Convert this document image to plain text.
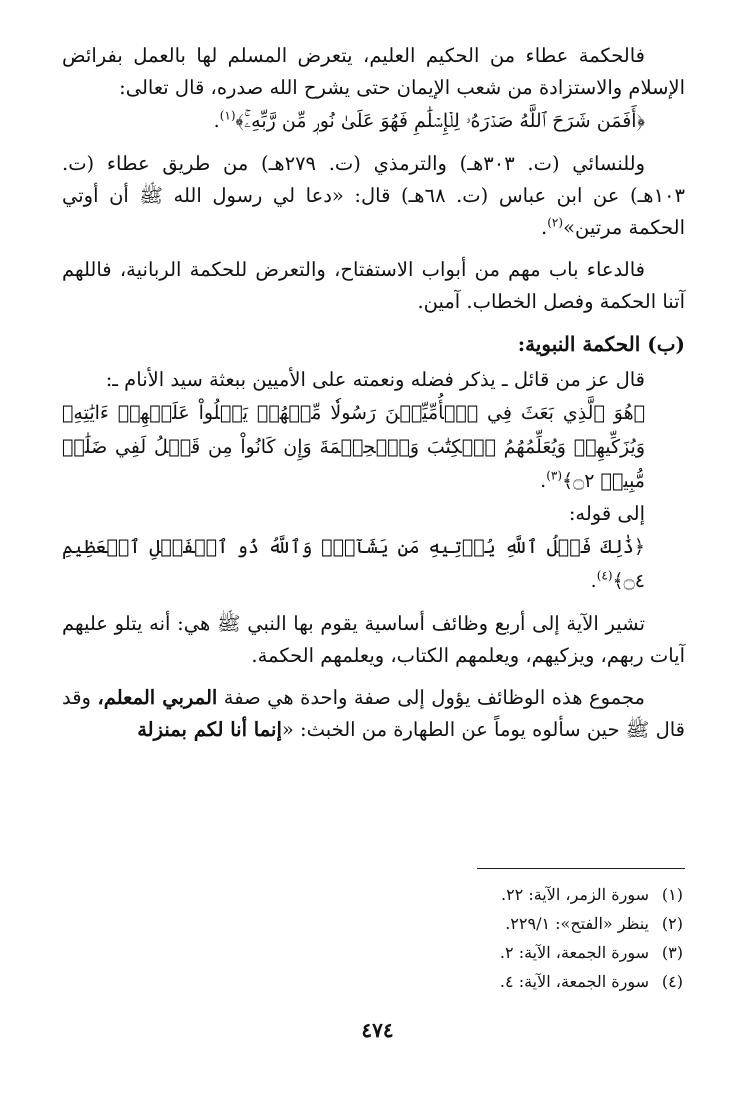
فالحكمة عطاء من الحكيم العليم، يتعرض المسلم لها بالعمل بفرائض الإسلام والاستزادة من شعب الإيمان حتى يشرح الله صدره، قال تعالى:

﴿أَفَمَن شَرَحَ ٱللَّهُ صَدۡرَهُۥ لِلۡإِسۡلَٰمِ فَهُوَ عَلَىٰ نُورٖ مِّن رَّبِّهِۦۚ﴾$^{(١)}$.

وللنسائي (ت. ٣٠٣هـ) والترمذي (ت. ٢٧٩هـ) من طريق عطاء (ت. ١٠٣هـ) عن ابن عباس (ت. ٦٨هـ) قال: «دعا لي رسول الله ﷺ أن أوتي الحكمة مرتين»$^{(٢)}$.

فالدعاء باب مهم من أبواب الاستفتاح، والتعرض للحكمة الربانية، فاللهم آتنا الحكمة وفصل الخطاب. آمين.

(ب) الحكمة النبوية:

قال عز من قائل ـ يذكر فضله ونعمته على الأميين ببعثة سيد الأنام ـ:

﴿هُوَ ٱلَّذِي بَعَثَ فِي ٱلۡأُمِّيِّـۧنَ رَسُولٗا مِّنۡهُمۡ يَتۡلُواْ عَلَيۡهِمۡ ءَايَٰتِهِۦ وَيُزَكِّيهِمۡ وَيُعَلِّمُهُمُ ٱلۡكِتَٰبَ وَٱلۡحِكۡمَةَ وَإِن كَانُواْ مِن قَبۡلُ لَفِي ضَلَٰلٖ مُّبِينٖ ۝٢﴾$^{(٣)}$.

إلى قوله:

﴿ذَٰلِكَ فَضۡلُ ٱللَّهِ يُؤۡتِيهِ مَن يَشَآءُۚ وَٱللَّهُ ذُو ٱلۡفَضۡلِ ٱلۡعَظِيمِ ۝٤﴾$^{(٤)}$.

تشير الآية إلى أربع وظائف أساسية يقوم بها النبي ﷺ هي: أنه يتلو عليهم آيات ربهم، ويزكيهم، ويعلمهم الكتاب، ويعلمهم الحكمة.

مجموع هذه الوظائف يؤول إلى صفة واحدة هي صفة المربي المعلم، وقد قال ﷺ حين سألوه يوماً عن الطهارة من الخبث: «إنما أنا لكم بمنزلة

(١)
سورة الزمر، الآية: ٢٢.
(٢)
ينظر «الفتح»: ٢٢٩/١.
(٣)
سورة الجمعة، الآية: ٢.
(٤)
سورة الجمعة، الآية: ٤.
٤٧٤
